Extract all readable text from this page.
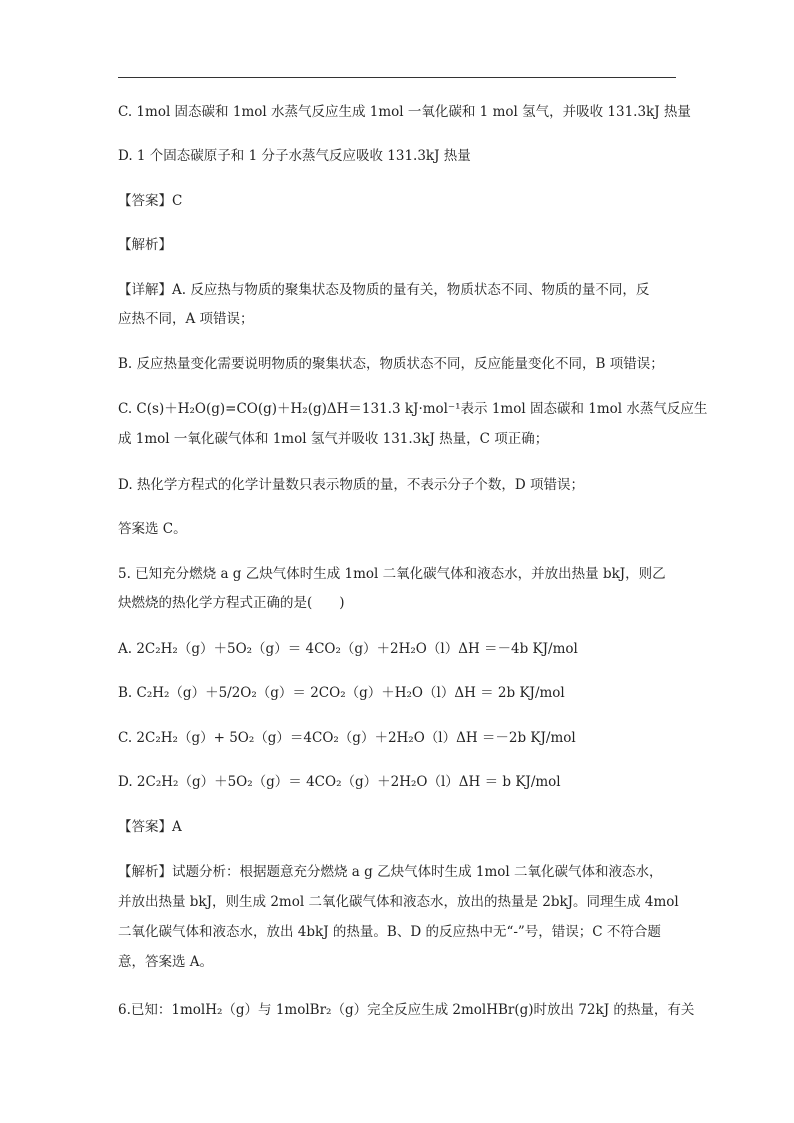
C. 1mol 固态碳和 1mol 水蒸气反应生成 1mol 一氧化碳和 1 mol 氢气，并吸收 131.3kJ 热量
D. 1 个固态碳原子和 1 分子水蒸气反应吸收 131.3kJ 热量
【答案】C
【解析】
【详解】A. 反应热与物质的聚集状态及物质的量有关，物质状态不同、物质的量不同，反
应热不同，A 项错误；
B. 反应热量变化需要说明物质的聚集状态，物质状态不同，反应能量变化不同，B 项错误；
C. C(s)＋H₂O(g)=CO(g)＋H₂(g)ΔH＝131.3 kJ·mol⁻¹表示 1mol 固态碳和 1mol 水蒸气反应生
成 1mol 一氧化碳气体和 1mol 氢气并吸收 131.3kJ 热量，C 项正确；
D. 热化学方程式的化学计量数只表示物质的量，不表示分子个数，D 项错误；
答案选 C。
5. 已知充分燃烧 a g 乙炔气体时生成 1mol 二氧化碳气体和液态水，并放出热量 bkJ，则乙
炔燃烧的热化学方程式正确的是(　　)
A. 2C₂H₂（g）＋5O₂（g）＝ 4CO₂（g）＋2H₂O（l）ΔH ＝－4b KJ/mol
B. C₂H₂（g）＋5/2O₂（g）＝ 2CO₂（g）＋H₂O（l）ΔH ＝ 2b KJ/mol
C. 2C₂H₂（g）+ 5O₂（g）＝4CO₂（g）＋2H₂O（l）ΔH ＝－2b KJ/mol
D. 2C₂H₂（g）＋5O₂（g）＝ 4CO₂（g）＋2H₂O（l）ΔH ＝ b KJ/mol
【答案】A
【解析】试题分析：根据题意充分燃烧 a g 乙炔气体时生成 1mol 二氧化碳气体和液态水，
并放出热量 bkJ，则生成 2mol 二氧化碳气体和液态水，放出的热量是 2bkJ。同理生成 4mol
二氧化碳气体和液态水，放出 4bkJ 的热量。B、D 的反应热中无“-”号，错误；C 不符合题
意，答案选 A。
6.已知：1molH₂（g）与 1molBr₂（g）完全反应生成 2molHBr(g)时放出 72kJ 的热量，有关
